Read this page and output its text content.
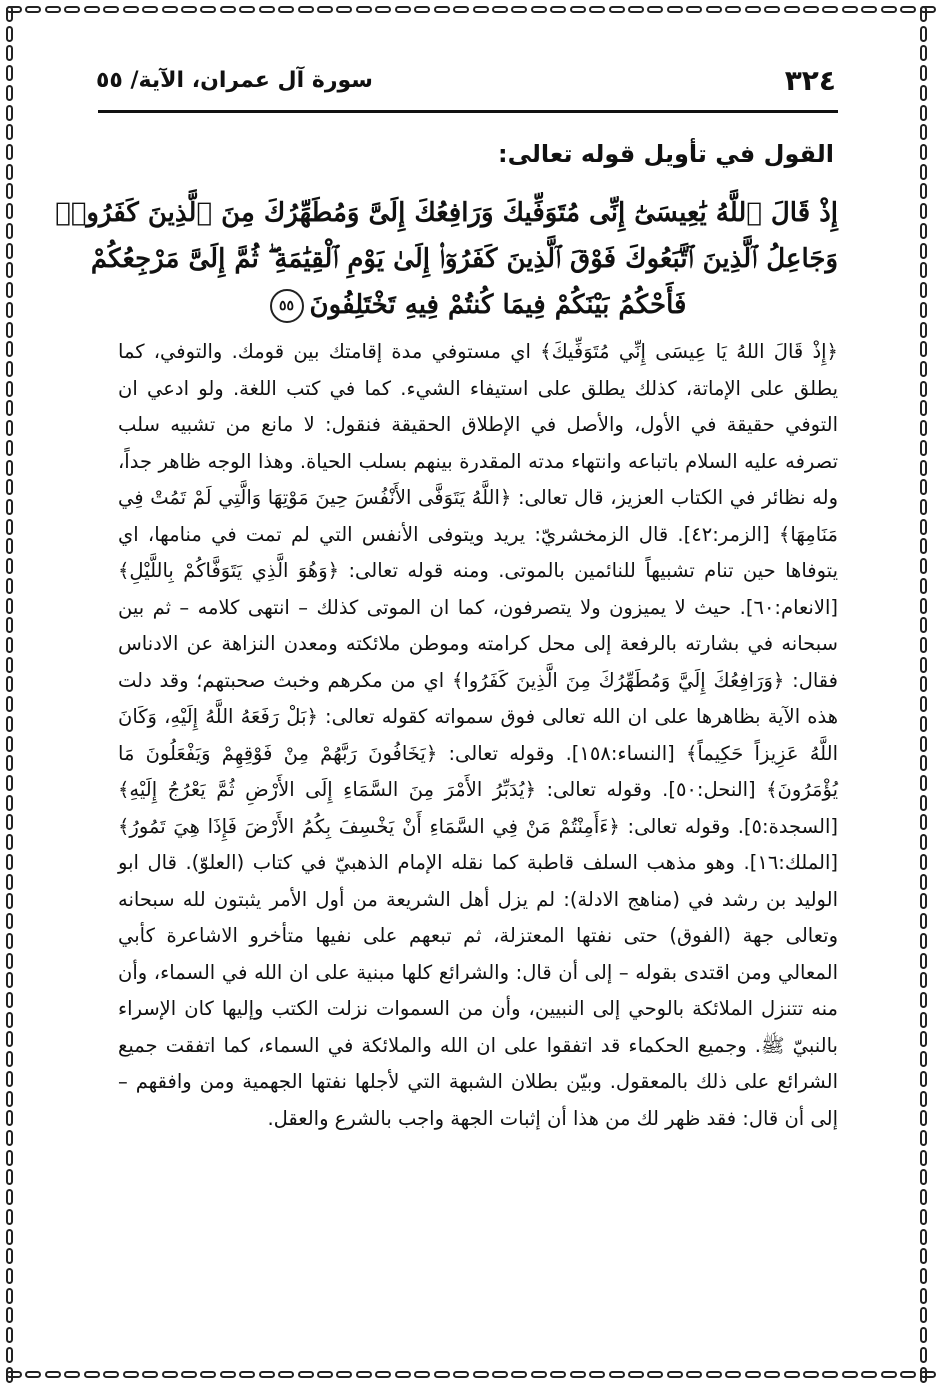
٣٢٤
سورة آل عمران، الآية/ ٥٥
القول في تأويل قوله تعالى:
إِذْ قَالَ ٱللَّهُ يَٰعِيسَىٰٓ إِنِّى مُتَوَفِّيكَ وَرَافِعُكَ إِلَىَّ وَمُطَهِّرُكَ مِنَ ٱلَّذِينَ كَفَرُوا۟
وَجَاعِلُ ٱلَّذِينَ ٱتَّبَعُوكَ فَوْقَ ٱلَّذِينَ كَفَرُوٓا۟ إِلَىٰ يَوْمِ ٱلْقِيَٰمَةِ ۖ ثُمَّ إِلَىَّ مَرْجِعُكُمْ
فَأَحْكُمُ بَيْنَكُمْ فِيمَا كُنتُمْ فِيهِ تَخْتَلِفُونَ٥٥

﴿إِذْ قَالَ اللهُ يَا عِيسَى إِنِّي مُتَوَفِّيكَ﴾ اي مستوفي مدة إقامتك بين قومك. والتوفي، كما يطلق على الإماتة، كذلك يطلق على استيفاء الشيء. كما في كتب اللغة. ولو ادعي ان التوفي حقيقة في الأول، والأصل في الإطلاق الحقيقة فنقول: لا مانع من تشبيه سلب تصرفه عليه السلام باتباعه وانتهاء مدته المقدرة بينهم بسلب الحياة. وهذا الوجه ظاهر جداً، وله نظائر في الكتاب العزيز، قال تعالى: ﴿اللَّهُ يَتَوَفَّى الأَنْفُسَ حِينَ مَوْتِهَا وَالَّتِي لَمْ تَمُتْ فِي مَنَامِهَا﴾ [الزمر:٤٢]. قال الزمخشريّ: يريد ويتوفى الأنفس التي لم تمت في منامها، اي يتوفاها حين تنام تشبيهاً للنائمين بالموتى. ومنه قوله تعالى: ﴿وَهُوَ الَّذِي يَتَوَفَّاكُمْ بِاللَّيْلِ﴾ [الانعام:٦٠]. حيث لا يميزون ولا يتصرفون، كما ان الموتى كذلك – انتهى كلامه – ثم بين سبحانه في بشارته بالرفعة إلى محل كرامته وموطن ملائكته ومعدن النزاهة عن الادناس فقال: ﴿وَرَافِعُكَ إِلَيَّ وَمُطَهِّرُكَ مِنَ الَّذِينَ كَفَرُوا﴾ اي من مكرهم وخبث صحبتهم؛ وقد دلت هذه الآية بظاهرها على ان الله تعالى فوق سمواته كقوله تعالى: ﴿بَلْ رَفَعَهُ اللَّهُ إِلَيْهِ، وَكَانَ اللَّهُ عَزِيزاً حَكِيماً﴾ [النساء:١٥٨]. وقوله تعالى: ﴿يَخَافُونَ رَبَّهُمْ مِنْ فَوْقِهِمْ وَيَفْعَلُونَ مَا يُؤْمَرُونَ﴾ [النحل:٥٠]. وقوله تعالى: ﴿يُدَبِّرُ الأَمْرَ مِنَ السَّمَاءِ إِلَى الأَرْضِ ثُمَّ يَعْرُجُ إِلَيْهِ﴾ [السجدة:٥]. وقوله تعالى: ﴿ءَأَمِنْتُمْ مَنْ فِي السَّمَاءِ أَنْ يَخْسِفَ بِكُمُ الأَرْضَ فَإِذَا هِيَ تَمُورُ﴾ [الملك:١٦]. وهو مذهب السلف قاطبة كما نقله الإمام الذهبيّ في كتاب (العلوّ). قال ابو الوليد بن رشد في (مناهج الادلة): لم يزل أهل الشريعة من أول الأمر يثبتون لله سبحانه وتعالى جهة (الفوق) حتى نفتها المعتزلة، ثم تبعهم على نفيها متأخرو الاشاعرة كأبي المعالي ومن اقتدى بقوله – إلى أن قال: والشرائع كلها مبنية على ان الله في السماء، وأن منه تتنزل الملائكة بالوحي إلى النبيين، وأن من السموات نزلت الكتب وإليها كان الإسراء بالنبيّ ﷺ. وجميع الحكماء قد اتفقوا على ان الله والملائكة في السماء، كما اتفقت جميع الشرائع على ذلك بالمعقول. وبيّن بطلان الشبهة التي لأجلها نفتها الجهمية ومن وافقهم – إلى أن قال: فقد ظهر لك من هذا أن إثبات الجهة واجب بالشرع والعقل.
